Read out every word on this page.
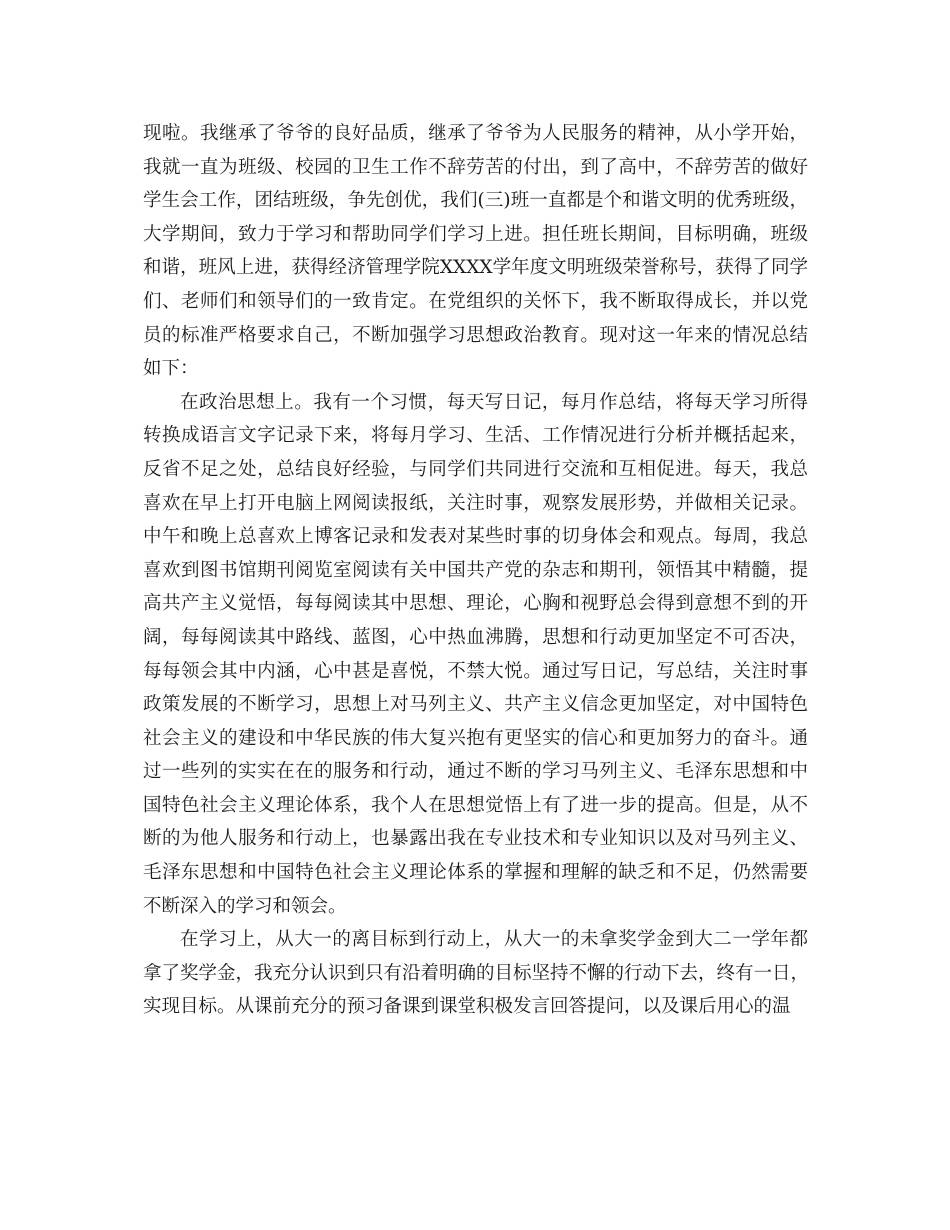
现啦。我继承了爷爷的良好品质，继承了爷爷为人民服务的精神，从小学开始，
我就一直为班级、校园的卫生工作不辞劳苦的付出，到了高中，不辞劳苦的做好
学生会工作，团结班级，争先创优，我们(三)班一直都是个和谐文明的优秀班级，
大学期间，致力于学习和帮助同学们学习上进。担任班长期间，目标明确，班级
和谐，班风上进，获得经济管理学院XXXX学年度文明班级荣誉称号，获得了同学
们、老师们和领导们的一致肯定。在党组织的关怀下，我不断取得成长，并以党
员的标准严格要求自己，不断加强学习思想政治教育。现对这一年来的情况总结
如下：
在政治思想上。我有一个习惯，每天写日记，每月作总结，将每天学习所得
转换成语言文字记录下来，将每月学习、生活、工作情况进行分析并概括起来，
反省不足之处，总结良好经验，与同学们共同进行交流和互相促进。每天，我总
喜欢在早上打开电脑上网阅读报纸，关注时事，观察发展形势，并做相关记录。
中午和晚上总喜欢上博客记录和发表对某些时事的切身体会和观点。每周，我总
喜欢到图书馆期刊阅览室阅读有关中国共产党的杂志和期刊，领悟其中精髓，提
高共产主义觉悟，每每阅读其中思想、理论，心胸和视野总会得到意想不到的开
阔，每每阅读其中路线、蓝图，心中热血沸腾，思想和行动更加坚定不可否决，
每每领会其中内涵，心中甚是喜悦，不禁大悦。通过写日记，写总结，关注时事
政策发展的不断学习，思想上对马列主义、共产主义信念更加坚定，对中国特色
社会主义的建设和中华民族的伟大复兴抱有更坚实的信心和更加努力的奋斗。通
过一些列的实实在在的服务和行动，通过不断的学习马列主义、毛泽东思想和中
国特色社会主义理论体系，我个人在思想觉悟上有了进一步的提高。但是，从不
断的为他人服务和行动上，也暴露出我在专业技术和专业知识以及对马列主义、
毛泽东思想和中国特色社会主义理论体系的掌握和理解的缺乏和不足，仍然需要
不断深入的学习和领会。
在学习上，从大一的离目标到行动上，从大一的未拿奖学金到大二一学年都
拿了奖学金，我充分认识到只有沿着明确的目标坚持不懈的行动下去，终有一日，
实现目标。从课前充分的预习备课到课堂积极发言回答提问，以及课后用心的温
